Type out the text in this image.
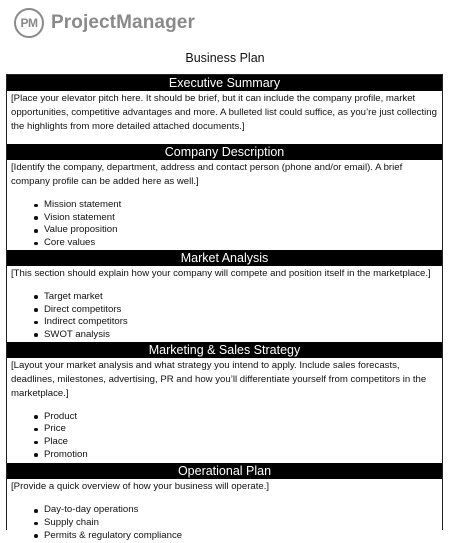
PM ProjectManager
Business Plan
Executive Summary

[Place your elevator pitch here. It should be brief, but it can include the company profile, market opportunities, competitive advantages and more. A bulleted list could suffice, as you’re just collecting the highlights from more detailed attached documents.]

Company Description

[Identify the company, department, address and contact person (phone and/or email). A brief company profile can be added here as well.]

Mission statement
Vision statement
Value proposition
Core values
Market Analysis

[This section should explain how your company will compete and position itself in the marketplace.]

Target market
Direct competitors
Indirect competitors
SWOT analysis
Marketing & Sales Strategy

[Layout your market analysis and what strategy you intend to apply. Include sales forecasts, deadlines, milestones, advertising, PR and how you’ll differentiate yourself from competitors in the marketplace.]

Product
Price
Place
Promotion
Operational Plan

[Provide a quick overview of how your business will operate.]

Day-to-day operations
Supply chain
Permits & regulatory compliance
